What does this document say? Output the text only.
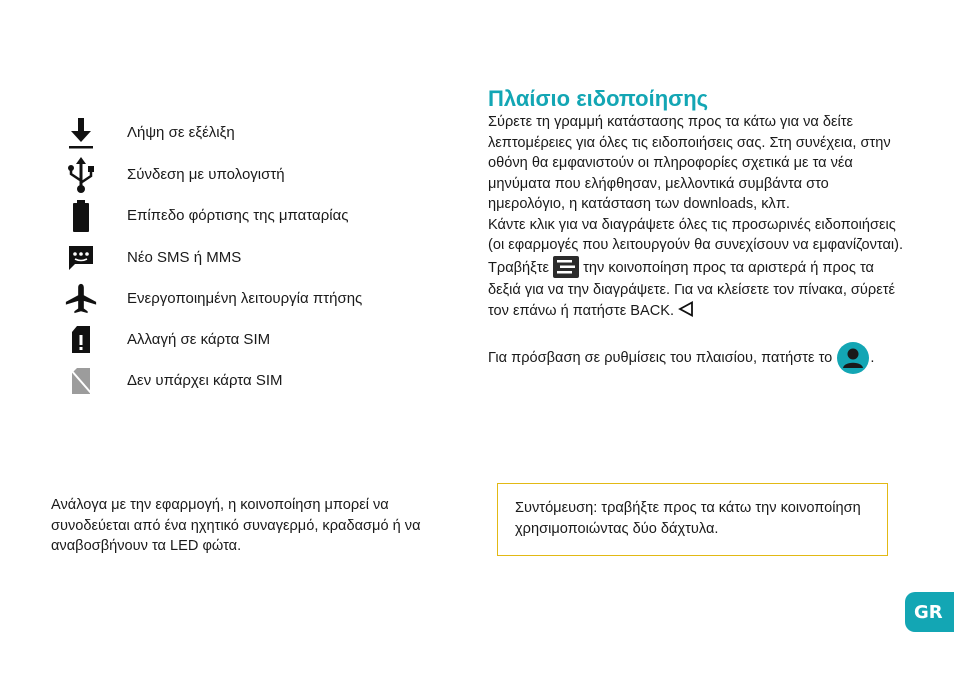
Λήψη σε εξέλιξη
Σύνδεση με υπολογιστή
Επίπεδο φόρτισης της μπαταρίας
Νέο SMS ή MMS
Ενεργοποιημένη λειτουργία πτήσης
Αλλαγή σε κάρτα SIM
Δεν υπάρχει κάρτα SIM
Ανάλογα με την εφαρμογή, η κοινοποίηση μπορεί να συνοδεύεται από ένα ηχητικό συναγερμό, κραδασμό ή να αναβοσβήνουν τα LED φώτα.
Πλαίσιο ειδοποίησης
Σύρετε τη γραμμή κατάστασης προς τα κάτω για να δείτε λεπτομέρειες για όλες τις ειδοποιήσεις σας. Στη συνέχεια, στην οθόνη θα εμφανιστούν οι πληροφορίες σχετικά με τα νέα μηνύματα που ελήφθησαν, μελλοντικά συμβάντα στο ημερολόγιο, η κατάσταση των downloads, κλπ.
Κάντε κλικ για να διαγράψετε όλες τις προσωρινές ειδοποιήσεις (οι εφαρμογές που λειτουργούν θα συνεχίσουν να εμφανίζονται).
Τραβήξτε την κοινοποίηση προς τα αριστερά ή προς τα δεξιά για να την διαγράψετε. Για να κλείσετε τον πίνακα, σύρετέ τον επάνω ή πατήστε BACK.
Για πρόσβαση σε ρυθμίσεις του πλαισίου, πατήστε το	.
Συντόμευση: τραβήξτε προς τα κάτω την κοινοποίηση χρησιμοποιώντας δύο δάχτυλα.
GR
